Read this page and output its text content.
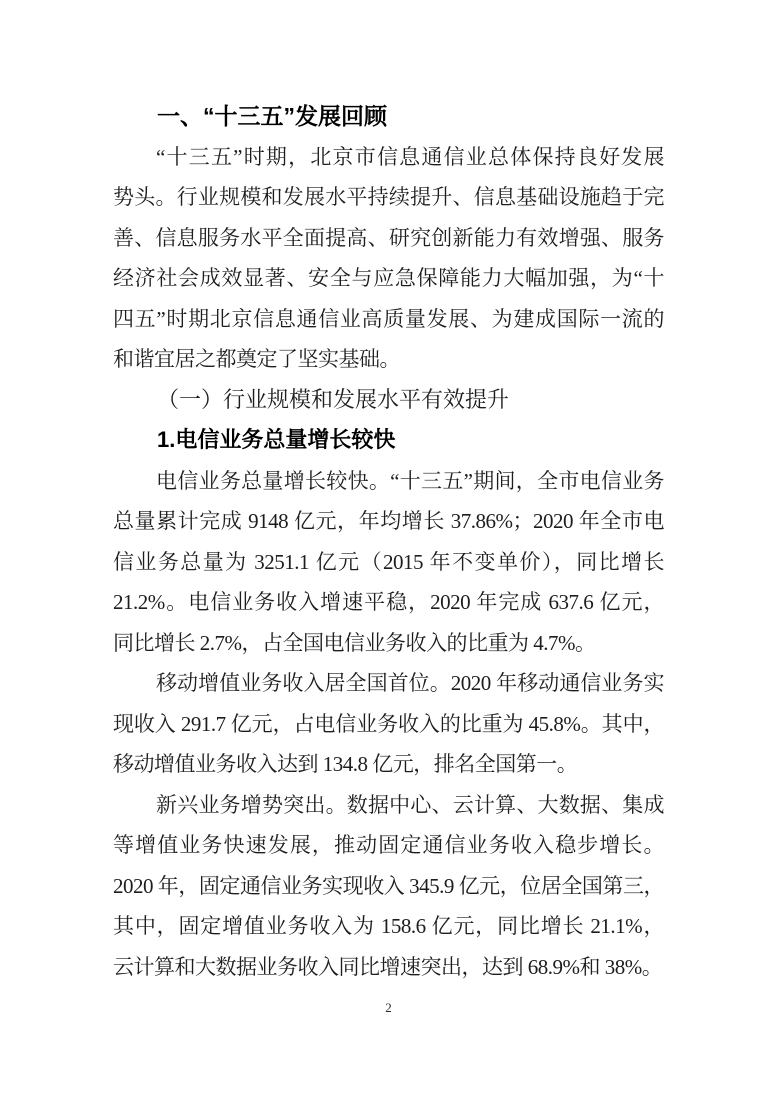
一、“十三五”发展回顾
“十三五”时期，北京市信息通信业总体保持良好发展
势头。行业规模和发展水平持续提升、信息基础设施趋于完
善、信息服务水平全面提高、研究创新能力有效增强、服务
经济社会成效显著、安全与应急保障能力大幅加强，为“十
四五”时期北京信息通信业高质量发展、为建成国际一流的
和谐宜居之都奠定了坚实基础。
（一）行业规模和发展水平有效提升
1.电信业务总量增长较快
电信业务总量增长较快。“十三五”期间，全市电信业务
总量累计完成 9148 亿元，年均增长 37.86%；2020 年全市电
信业务总量为 3251.1 亿元（2015 年不变单价），同比增长
21.2%。电信业务收入增速平稳，2020 年完成 637.6 亿元，
同比增长 2.7%，占全国电信业务收入的比重为 4.7%。
移动增值业务收入居全国首位。2020 年移动通信业务实
现收入 291.7 亿元，占电信业务收入的比重为 45.8%。其中，
移动增值业务收入达到 134.8 亿元，排名全国第一。
新兴业务增势突出。数据中心、云计算、大数据、集成
等增值业务快速发展，推动固定通信业务收入稳步增长。
2020 年，固定通信业务实现收入 345.9 亿元，位居全国第三，
其中，固定增值业务收入为 158.6 亿元，同比增长 21.1%，
云计算和大数据业务收入同比增速突出，达到 68.9%和 38%。
2
